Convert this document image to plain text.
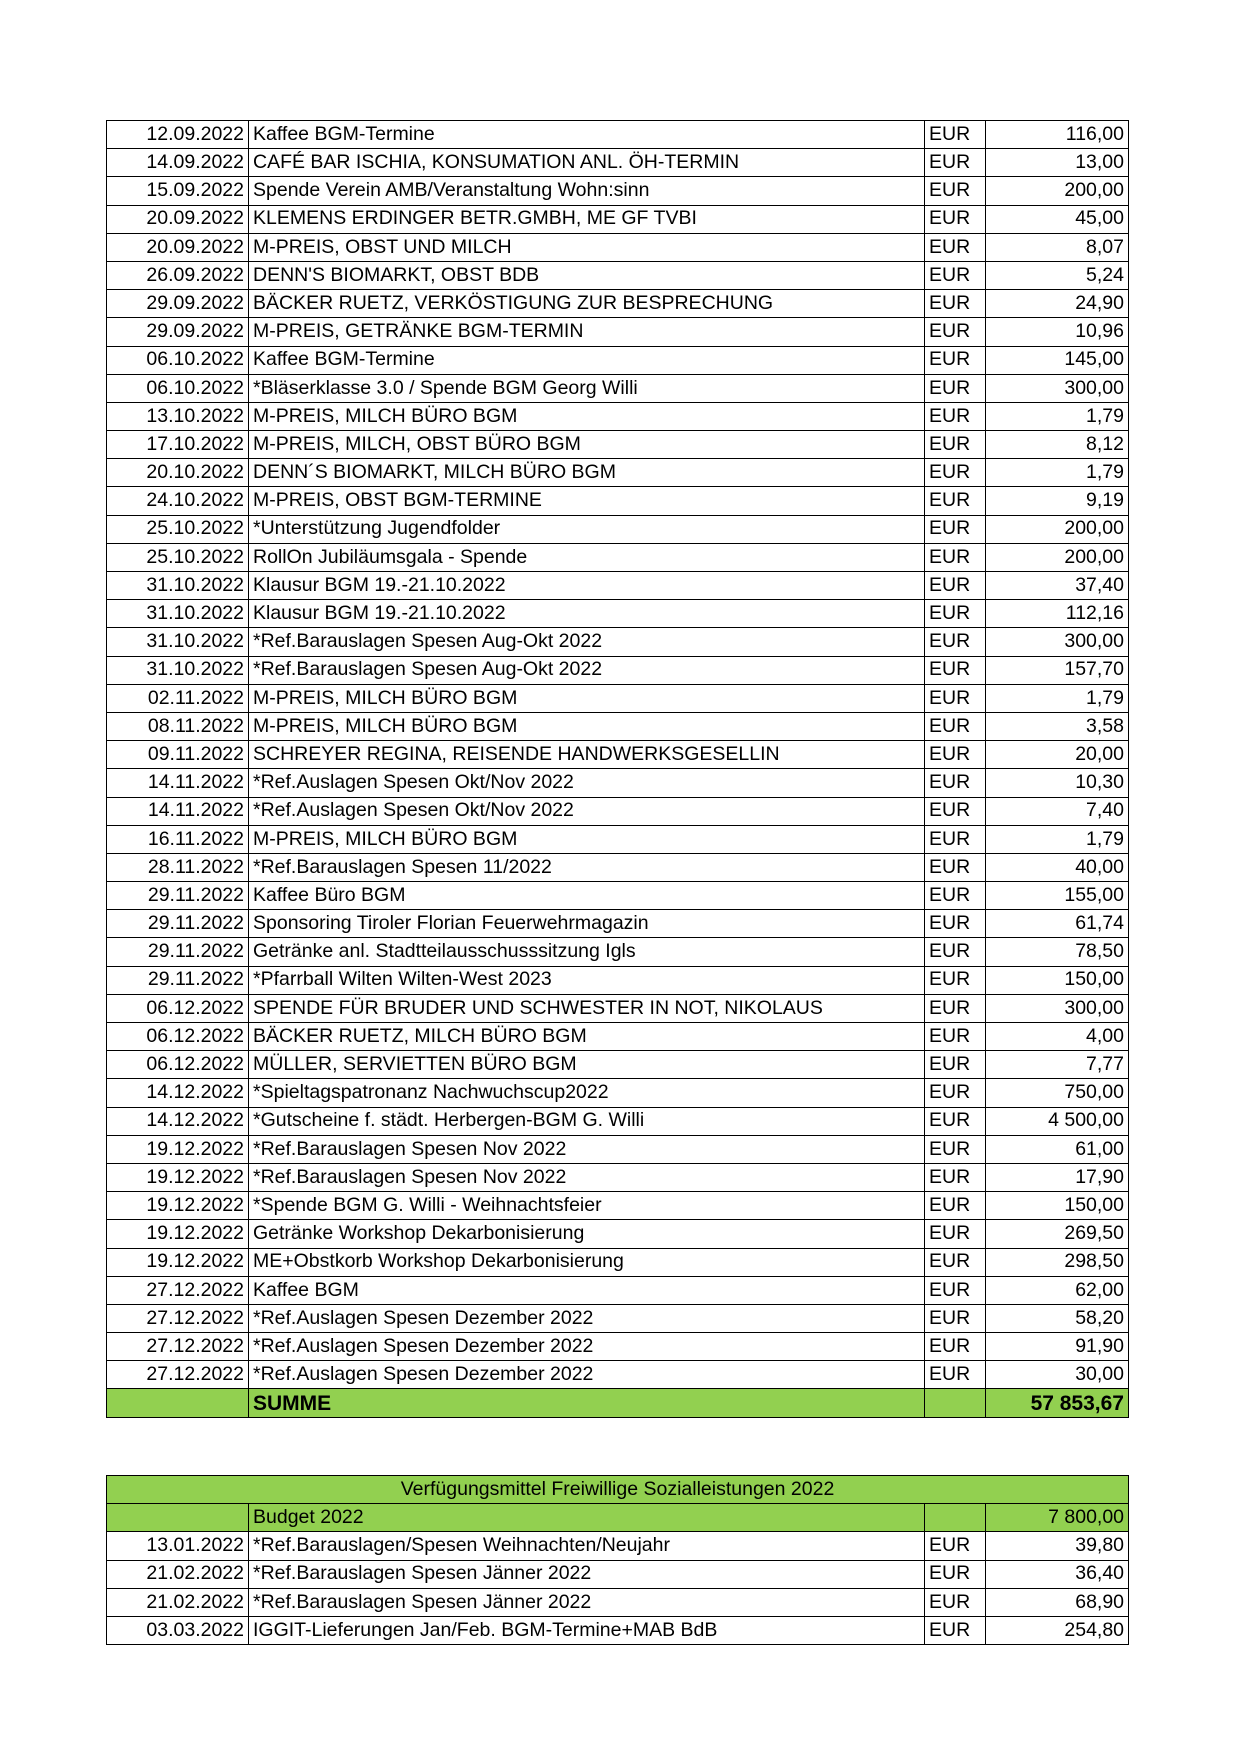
12.09.2022	Kaffee BGM-Termine	EUR	116,00
14.09.2022	CAFÉ BAR ISCHIA, KONSUMATION ANL. ÖH-TERMIN	EUR	13,00
15.09.2022	Spende Verein AMB/Veranstaltung Wohn:sinn	EUR	200,00
20.09.2022	KLEMENS ERDINGER BETR.GMBH, ME GF TVBI	EUR	45,00
20.09.2022	M-PREIS, OBST UND MILCH	EUR	8,07
26.09.2022	DENN'S BIOMARKT, OBST BDB	EUR	5,24
29.09.2022	BÄCKER RUETZ, VERKÖSTIGUNG ZUR BESPRECHUNG	EUR	24,90
29.09.2022	M-PREIS, GETRÄNKE BGM-TERMIN	EUR	10,96
06.10.2022	Kaffee BGM-Termine	EUR	145,00
06.10.2022	*Bläserklasse 3.0 / Spende BGM Georg Willi	EUR	300,00
13.10.2022	M-PREIS, MILCH BÜRO BGM	EUR	1,79
17.10.2022	M-PREIS, MILCH, OBST BÜRO BGM	EUR	8,12
20.10.2022	DENN´S BIOMARKT, MILCH BÜRO BGM	EUR	1,79
24.10.2022	M-PREIS, OBST BGM-TERMINE	EUR	9,19
25.10.2022	*Unterstützung Jugendfolder	EUR	200,00
25.10.2022	RollOn Jubiläumsgala - Spende	EUR	200,00
31.10.2022	Klausur BGM 19.-21.10.2022	EUR	37,40
31.10.2022	Klausur BGM 19.-21.10.2022	EUR	112,16
31.10.2022	*Ref.Barauslagen Spesen Aug-Okt 2022	EUR	300,00
31.10.2022	*Ref.Barauslagen Spesen Aug-Okt 2022	EUR	157,70
02.11.2022	M-PREIS, MILCH BÜRO BGM	EUR	1,79
08.11.2022	M-PREIS, MILCH BÜRO BGM	EUR	3,58
09.11.2022	SCHREYER REGINA, REISENDE HANDWERKSGESELLIN	EUR	20,00
14.11.2022	*Ref.Auslagen Spesen Okt/Nov 2022	EUR	10,30
14.11.2022	*Ref.Auslagen Spesen Okt/Nov 2022	EUR	7,40
16.11.2022	M-PREIS, MILCH BÜRO BGM	EUR	1,79
28.11.2022	*Ref.Barauslagen Spesen 11/2022	EUR	40,00
29.11.2022	Kaffee Büro BGM	EUR	155,00
29.11.2022	Sponsoring Tiroler Florian Feuerwehrmagazin	EUR	61,74
29.11.2022	Getränke anl. Stadtteilausschusssitzung Igls	EUR	78,50
29.11.2022	*Pfarrball Wilten Wilten-West 2023	EUR	150,00
06.12.2022	SPENDE FÜR BRUDER UND SCHWESTER IN NOT, NIKOLAUS	EUR	300,00
06.12.2022	BÄCKER RUETZ, MILCH BÜRO BGM	EUR	4,00
06.12.2022	MÜLLER, SERVIETTEN BÜRO BGM	EUR	7,77
14.12.2022	*Spieltagspatronanz Nachwuchscup2022	EUR	750,00
14.12.2022	*Gutscheine f. städt. Herbergen-BGM G. Willi	EUR	4 500,00
19.12.2022	*Ref.Barauslagen Spesen Nov 2022	EUR	61,00
19.12.2022	*Ref.Barauslagen Spesen Nov 2022	EUR	17,90
19.12.2022	*Spende BGM G. Willi - Weihnachtsfeier	EUR	150,00
19.12.2022	Getränke Workshop Dekarbonisierung	EUR	269,50
19.12.2022	ME+Obstkorb Workshop Dekarbonisierung	EUR	298,50
27.12.2022	Kaffee BGM	EUR	62,00
27.12.2022	*Ref.Auslagen Spesen Dezember 2022	EUR	58,20
27.12.2022	*Ref.Auslagen Spesen Dezember 2022	EUR	91,90
27.12.2022	*Ref.Auslagen Spesen Dezember 2022	EUR	30,00
	SUMME		57 853,67
Verfügungsmittel Freiwillige Sozialleistungen 2022			
	Budget 2022		7 800,00
13.01.2022	*Ref.Barauslagen/Spesen Weihnachten/Neujahr	EUR	39,80
21.02.2022	*Ref.Barauslagen Spesen Jänner 2022	EUR	36,40
21.02.2022	*Ref.Barauslagen Spesen Jänner 2022	EUR	68,90
03.03.2022	IGGIT-Lieferungen Jan/Feb. BGM-Termine+MAB BdB	EUR	254,80
